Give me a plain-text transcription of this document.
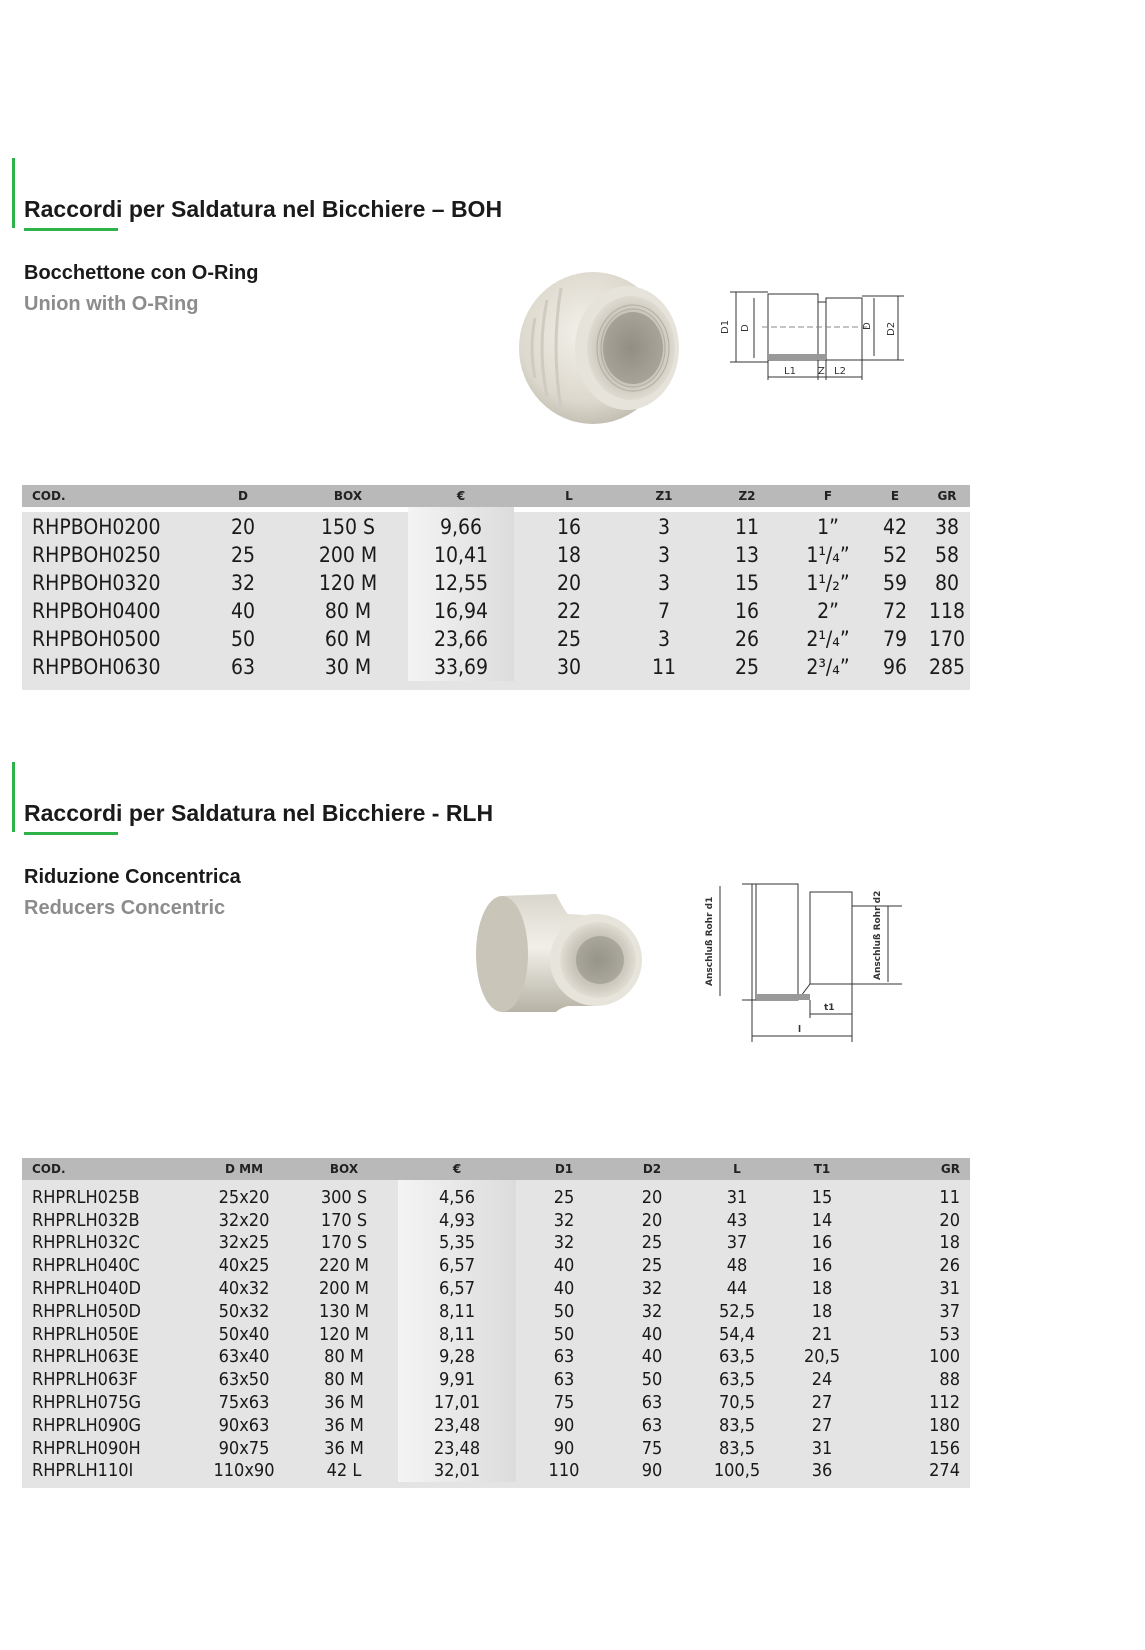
Raccordi per Saldatura nel Bicchiere – BOH
Bocchettone con O-Ring
Union with O-Ring
D1 D	D D2
L1 Z L2
COD.	D	BOX	€	L	Z1	Z2	F	E	GR
RHPBOH0200	20	150 S	9,66	16	3	11	1”	42	38
RHPBOH0250	25	200 M	10,41	18	3	13	1¹/₄”	52	58
RHPBOH0320	32	120 M	12,55	20	3	15	1¹/₂”	59	80
RHPBOH0400	40	80 M	16,94	22	7	16	2”	72	118
RHPBOH0500	50	60 M	23,66	25	3	26	2¹/₄”	79	170
RHPBOH0630	63	30 M	33,69	30	11	25	2³/₄”	96	285
Raccordi per Saldatura nel Bicchiere - RLH
Riduzione Concentrica
Reducers Concentric	Anschluß Rohr d1	Anschluß Rohr d2
t1
l
COD.	D MM	BOX	€	D1	D2	L	T1	GR
RHPRLH025B	25x20	300 S	4,56	25	20	31	15	11
RHPRLH032B	32x20	170 S	4,93	32	20	43	14	20
RHPRLH032C	32x25	170 S	5,35	32	25	37	16	18
RHPRLH040C	40x25	220 M	6,57	40	25	48	16	26
RHPRLH040D	40x32	200 M	6,57	40	32	44	18	31
RHPRLH050D	50x32	130 M	8,11	50	32	52,5	18	37
RHPRLH050E	50x40	120 M	8,11	50	40	54,4	21	53
RHPRLH063E	63x40	80 M	9,28	63	40	63,5	20,5	100
RHPRLH063F	63x50	80 M	9,91	63	50	63,5	24	88
RHPRLH075G	75x63	36 M	17,01	75	63	70,5	27	112
RHPRLH090G	90x63	36 M	23,48	90	63	83,5	27	180
RHPRLH090H	90x75	36 M	23,48	90	75	83,5	31	156
RHPRLH110I	110x90	42 L	32,01	110	90	100,5	36	274
